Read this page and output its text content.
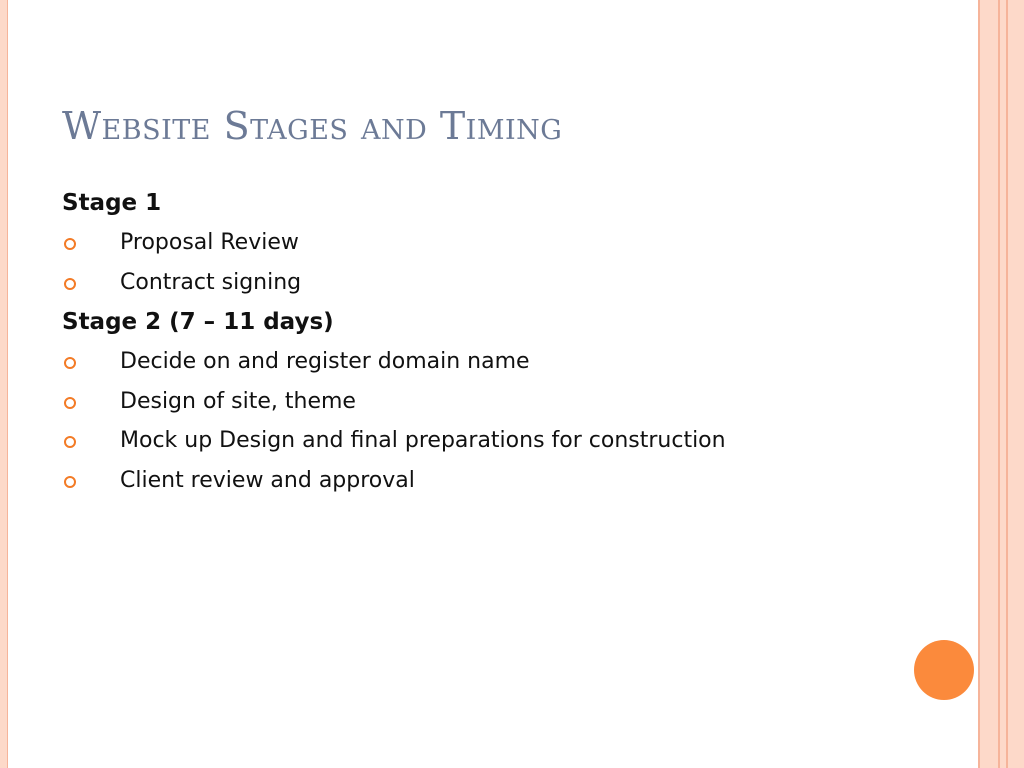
Website Stages and Timing
Stage 1
Proposal Review
Contract signing
Stage 2 (7 – 11 days)
Decide on and register domain name
Design of site, theme
Mock up Design and final preparations for construction
Client review and approval
